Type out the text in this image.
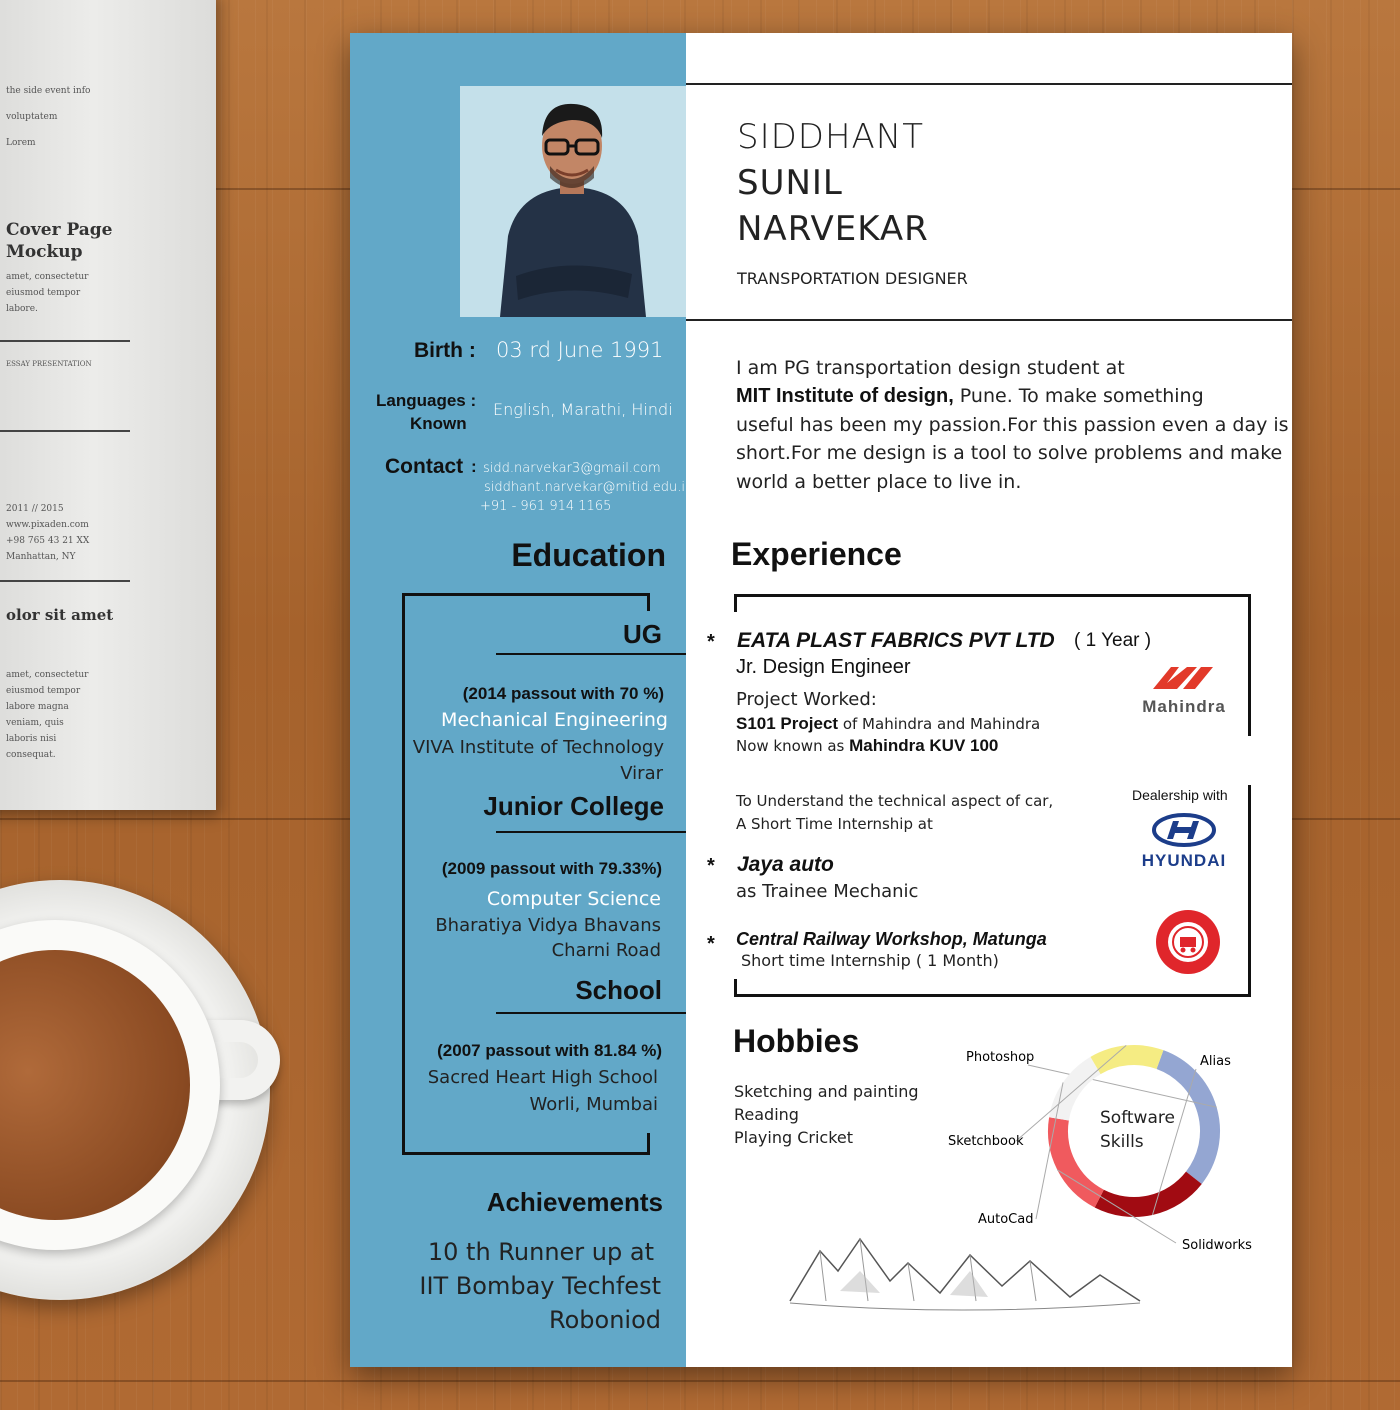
the side event info
voluptatem
Lorem
Cover Page
Mockup
amet, consectetur
eiusmod tempor
labore.
ESSAY PRESENTATION
2011 // 2015
www.pixaden.com
+98 765 43 21 XX
Manhattan, NY
olor sit amet
amet, consectetur
eiusmod tempor
labore magna
veniam, quis
laboris nisi
consequat.
SIDDHANT
SUNIL
NARVEKAR
TRANSPORTATION DESIGNER
Birth : 03 rd June 1991
Languages :
Known
English, Marathi, Hindi
Contact : sidd.narvekar3@gmail.com
siddhant.narvekar@mitid.edu.in
+91 - 961 914 1165
I am PG transportation design student at
MIT Institute of design, Pune. To make something
useful has been my passion.For this passion even a day is
short.For me design is a tool to solve problems and make
world a better place to live in.
Education
UG
(2014 passout with 70 %)
Mechanical Engineering
VIVA Institute of Technology
Virar
Junior College
(2009 passout with 79.33%)
Computer Science
Bharatiya Vidya Bhavans
Charni Road
School
(2007 passout with 81.84 %)
Sacred Heart High School
Worli, Mumbai
Achievements
10 th Runner up at
IIT Bombay Techfest
Roboniod
Experience
* EATA PLAST FABRICS PVT LTD ( 1 Year )
Jr. Design Engineer
Project Worked:
S101 Project of Mahindra and Mahindra
Now known as Mahindra KUV 100
Mahindra
To Understand the technical aspect of car,
A Short Time Internship at
Dealership with
HYUNDAI
* Jaya auto
as Trainee Mechanic
* Central Railway Workshop, Matunga
Short time Internship ( 1 Month)
Hobbies
Sketching and painting
Reading
Playing Cricket
Photoshop	Alias
Solidworks
AutoCad
Sketchbook
Software
Skills
